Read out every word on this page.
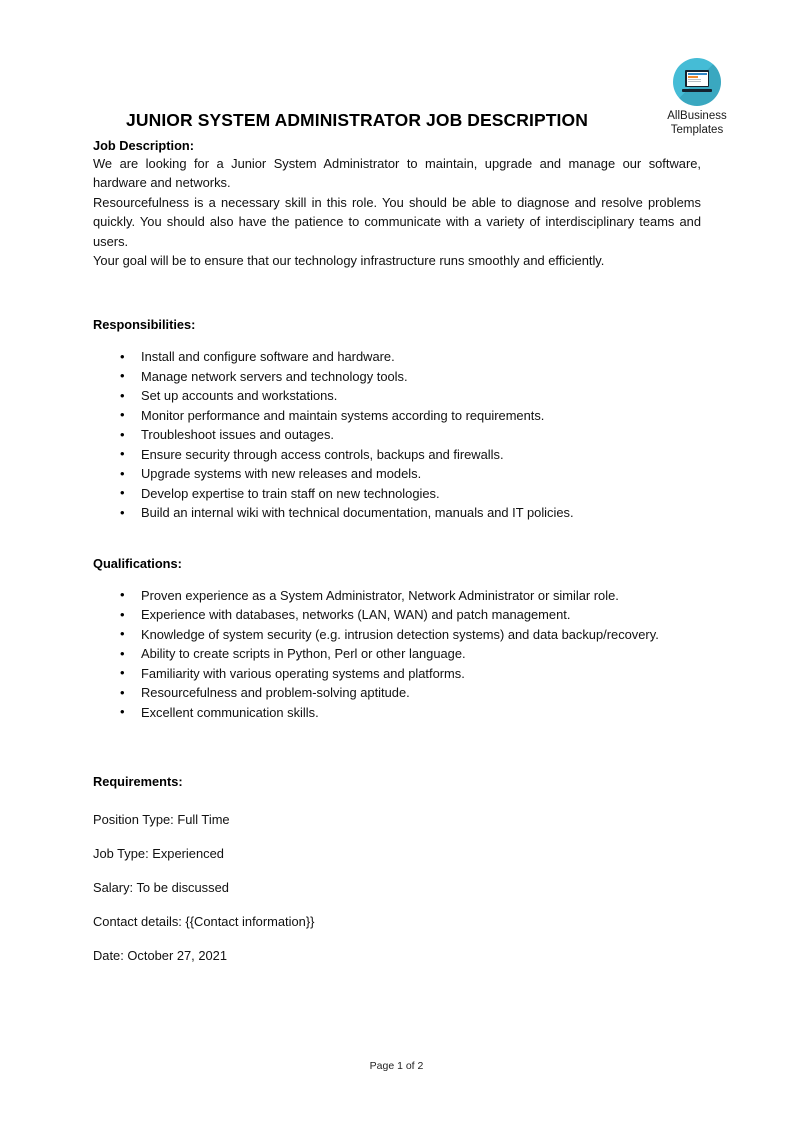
AllBusiness
Templates
JUNIOR SYSTEM ADMINISTRATOR JOB DESCRIPTION
Job Description:

We are looking for a Junior System Administrator to maintain, upgrade and manage our software, hardware and networks.

Resourcefulness is a necessary skill in this role. You should be able to diagnose and resolve problems quickly. You should also have the patience to communicate with a variety of interdisciplinary teams and users.

Your goal will be to ensure that our technology infrastructure runs smoothly and efficiently.

Responsibilities:
• Install and configure software and hardware.
• Manage network servers and technology tools.
• Set up accounts and workstations.
• Monitor performance and maintain systems according to requirements.
• Troubleshoot issues and outages.
• Ensure security through access controls, backups and firewalls.
• Upgrade systems with new releases and models.
• Develop expertise to train staff on new technologies.
• Build an internal wiki with technical documentation, manuals and IT policies.
Qualifications:
• Proven experience as a System Administrator, Network Administrator or similar role.
• Experience with databases, networks (LAN, WAN) and patch management.
• Knowledge of system security (e.g. intrusion detection systems) and data backup/recovery.
• Ability to create scripts in Python, Perl or other language.
• Familiarity with various operating systems and platforms.
• Resourcefulness and problem-solving aptitude.
• Excellent communication skills.
Requirements:
Position Type: Full Time
Job Type: Experienced
Salary: To be discussed
Contact details: {{Contact information}}
Date: October 27, 2021
Page 1 of 2
